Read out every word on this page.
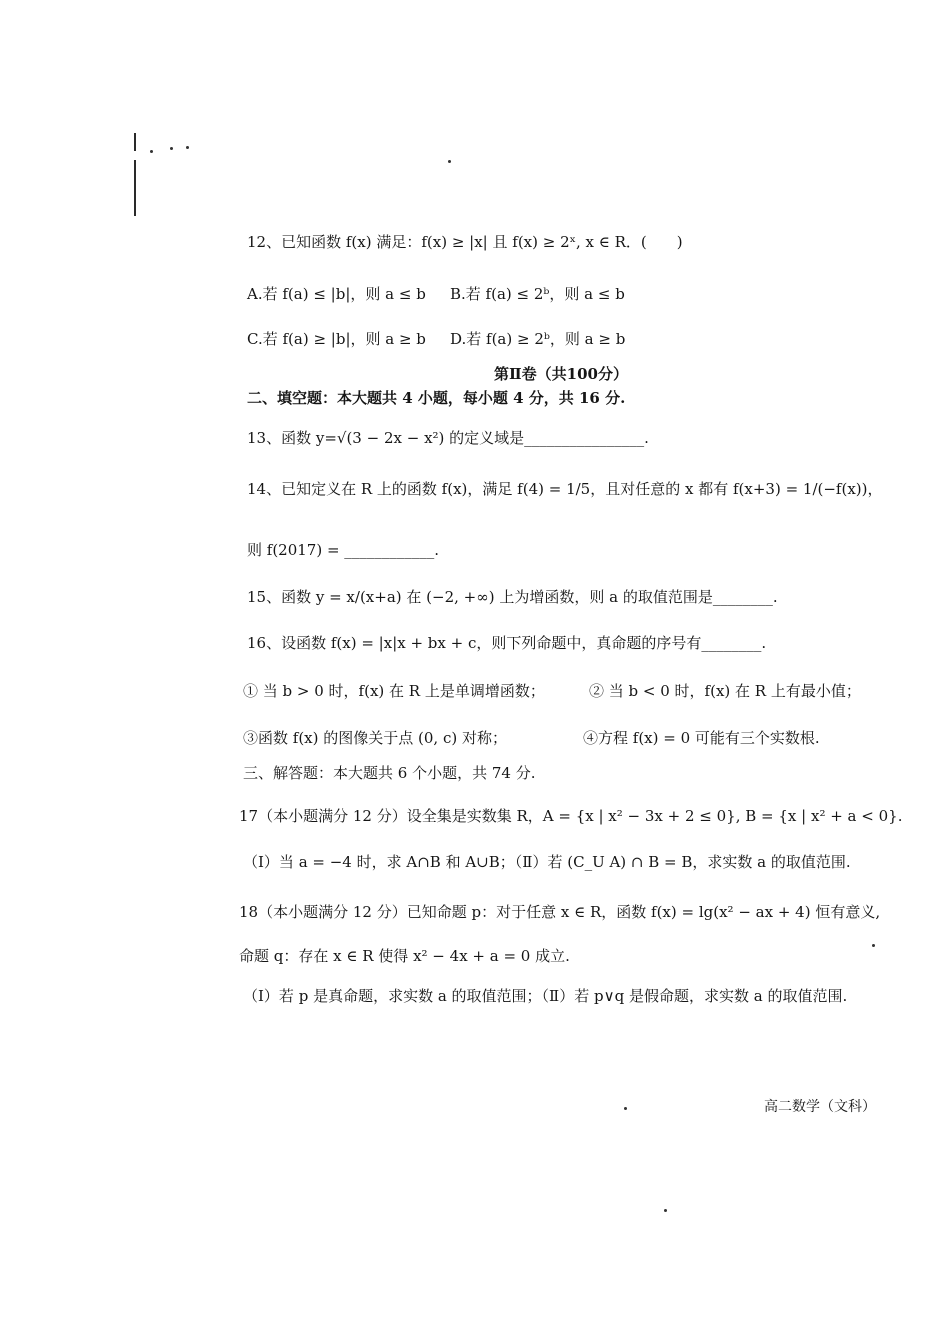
12、已知函数 f(x) 满足：f(x) ≥ |x| 且 f(x) ≥ 2ˣ, x ∈ R．(　　)
A.若 f(a) ≤ |b|，则 a ≤ b B.若 f(a) ≤ 2ᵇ，则 a ≤ b
C.若 f(a) ≥ |b|，则 a ≥ b D.若 f(a) ≥ 2ᵇ，则 a ≥ b
第Ⅱ卷（共100分）
二、填空题：本大题共 4 小题，每小题 4 分，共 16 分.
13、函数 y=√(3 − 2x − x²) 的定义域是________________.
14、已知定义在 R 上的函数 f(x)，满足 f(4) = 1/5，且对任意的 x 都有 f(x+3) = 1/(−f(x))，
则 f(2017) = ____________.
15、函数 y = x/(x+a) 在 (−2, +∞) 上为增函数，则 a 的取值范围是________.
16、设函数 f(x) = |x|x + bx + c，则下列命题中，真命题的序号有________.
① 当 b > 0 时，f(x) 在 R 上是单调增函数；	② 当 b < 0 时，f(x) 在 R 上有最小值；
③函数 f(x) 的图像关于点 (0, c) 对称；	④方程 f(x) = 0 可能有三个实数根.
三、解答题：本大题共 6 个小题，共 74 分.
17（本小题满分 12 分）设全集是实数集 R，A = {x | x² − 3x + 2 ≤ 0}, B = {x | x² + a < 0}.
（Ⅰ）当 a = −4 时，求 A∩B 和 A∪B；（Ⅱ）若 (C_U A) ∩ B = B，求实数 a 的取值范围.
18（本小题满分 12 分）已知命题 p：对于任意 x ∈ R，函数 f(x) = lg(x² − ax + 4) 恒有意义,
命题 q：存在 x ∈ R 使得 x² − 4x + a = 0 成立.
（Ⅰ）若 p 是真命题，求实数 a 的取值范围；（Ⅱ）若 p∨q 是假命题，求实数 a 的取值范围.
高二数学（文科）
